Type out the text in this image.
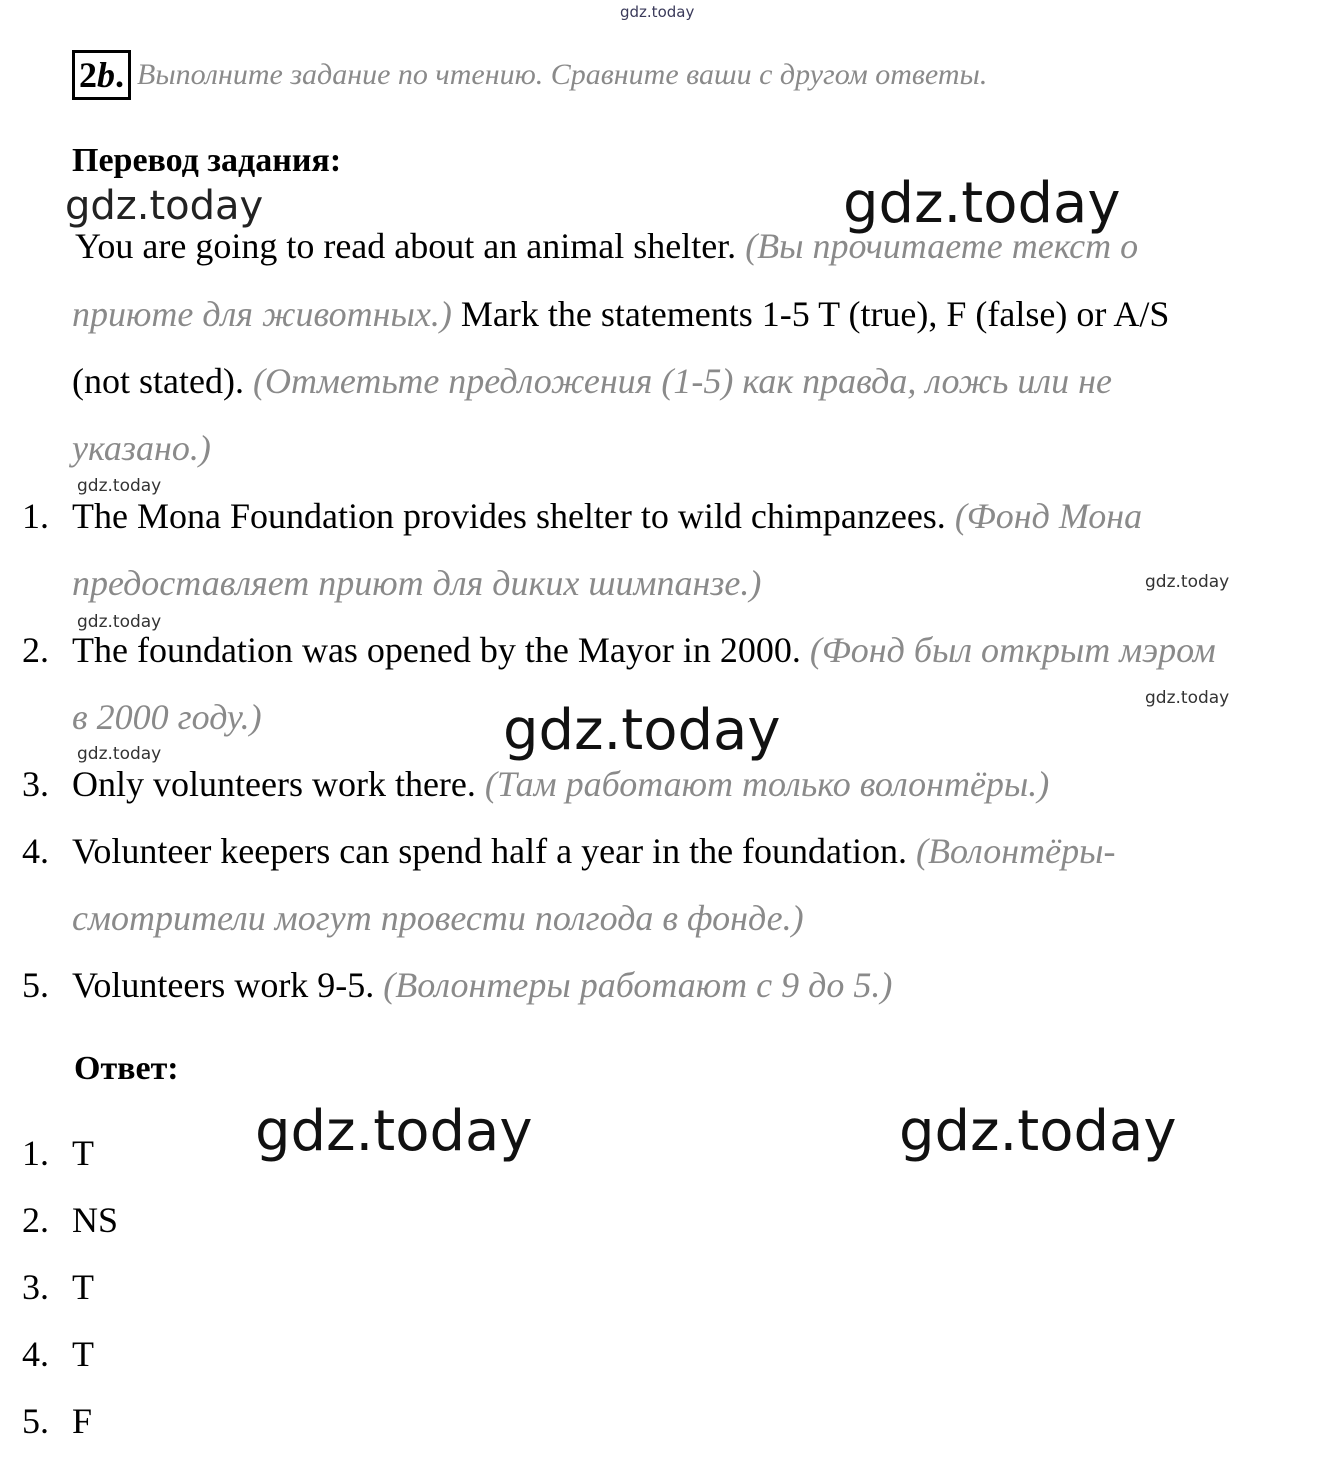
gdz.today
gdz.today	gdz.today
gdz.today
gdz.today
gdz.today
gdz.today
gdz.today
gdz.today
gdz.today	gdz.today
2 b . Выполните задание по чтению. Сравните ваши с другом ответы.
Перевод задания:
You are going to read about an animal shelter. (Вы прочитаете текст о
приюте для животных.) Mark the statements 1-5 T (true), F (false) or A/S
(not stated). (Отметьте предложения (1-5) как правда, ложь или не
указано.)
1. The Mona Foundation provides shelter to wild chimpanzees. (Фонд Мона
предоставляет приют для диких шимпанзе.)
2. The foundation was opened by the Mayor in 2000. (Фонд был открыт мэром
в 2000 году.)
3. Only volunteers work there. (Там работают только волонтёры.)
4. Volunteer keepers can spend half a year in the foundation. (Волонтёры-
смотрители могут провести полгода в фонде.)
5. Volunteers work 9-5. (Волонтеры работают с 9 до 5.)
Ответ:
1. T
2. NS
3. T
4. T
5. F
